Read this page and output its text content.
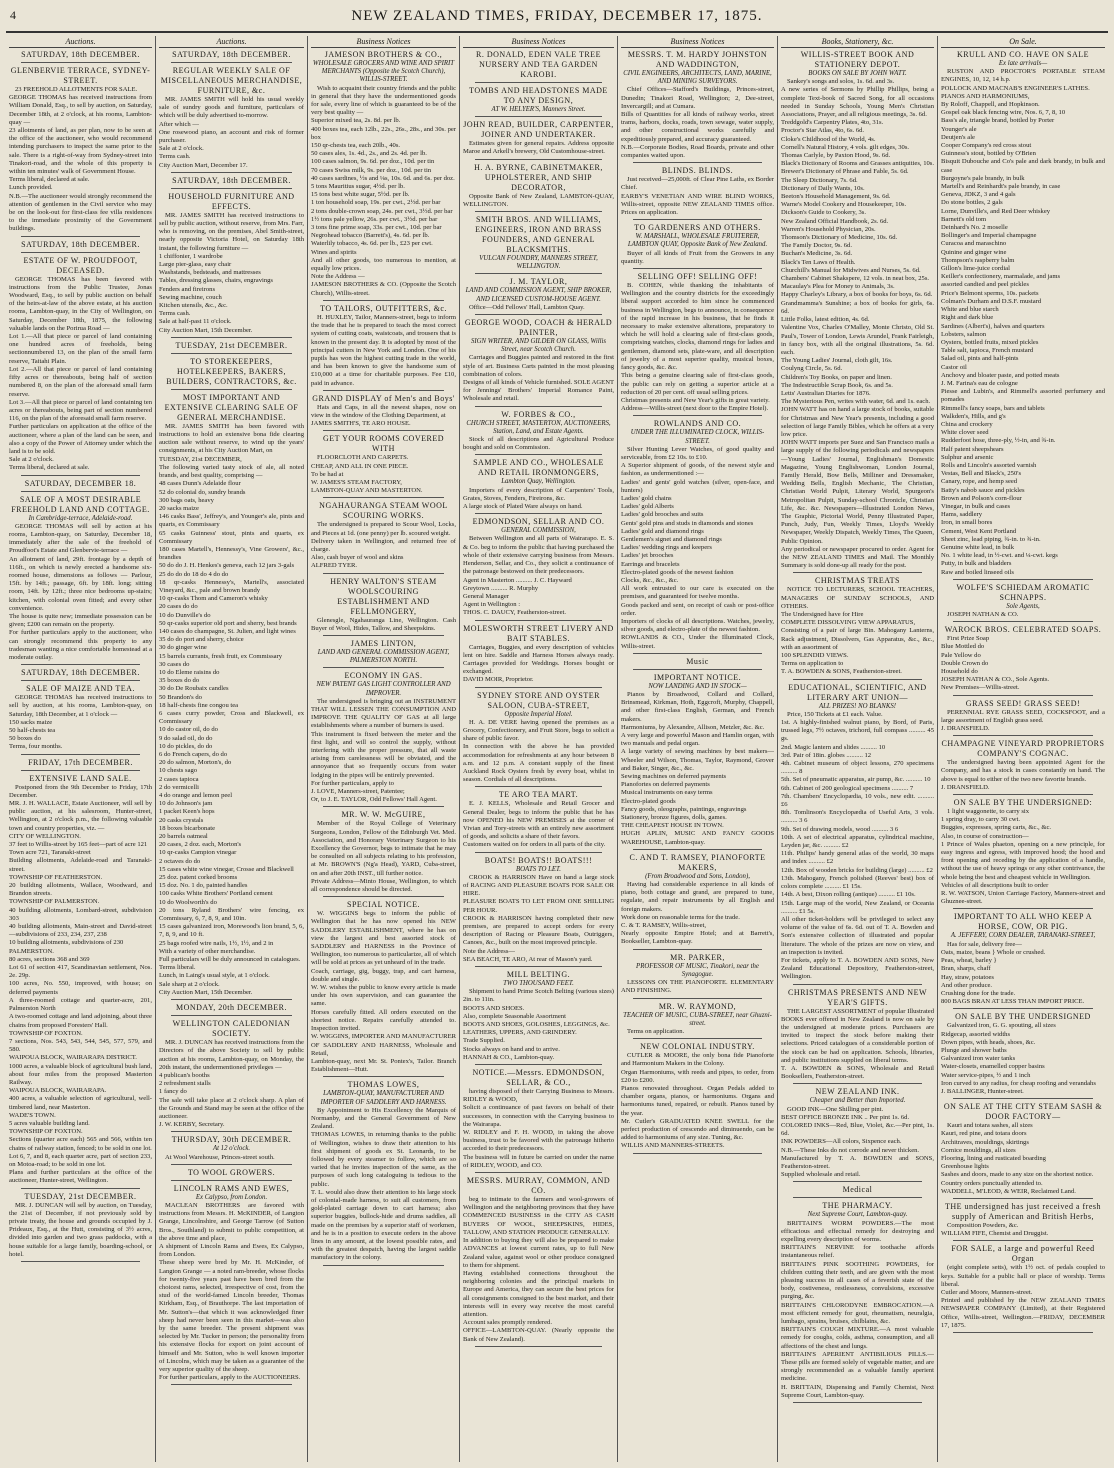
4	NEW ZEALAND TIMES, FRIDAY, DECEMBER 17, 1875.
Auctions.
SATURDAY, 18th DECEMBER.
GLENBERVIE TERRACE, SYDNEY-STREET.
23 FREEHOLD ALLOTMENTS FOR SALE.
GEORGE THOMAS has received instructions from William Donald, Esq., to sell by auction, on Saturday, December 18th, at 2 o'clock, at his rooms, Lambton-quay —
23 allotments of land, as per plan, now to be seen at the office of the auctioneer, who would recommend intending purchasers to inspect the same prior to the sale. There is a right-of-way from Sydney-street into Tinakori-road, and the whole of this property is within ten minutes' walk of Government House.
Terms liberal, declared at sale.
Lunch provided.
N.B.—The auctioneer would strongly recommend the attention of gentlemen in the Civil service who may be on the look-out for first-class fee villa residences to the immediate proximity of the Government buildings.
SATURDAY, 18th DECEMBER.
ESTATE OF W. PROUDFOOT, DECEASED.
GEORGE THOMAS has been favored with instructions from the Public Trustee, Jonas Woodward, Esq., to sell by public auction on behalf of the heirs-at-law of the above estate, at his auction rooms, Lambton-quay, in the City of Wellington, on Saturday, December 18th, 1875, the following valuable lands on the Porirua Road —
Lot 1.—All that piece or parcel of land containing one hundred acres of freeholds, being sectionnumbered 13, on the plan of the small farm reserve, Taitahi Plain.
Lot 2.—All that piece or parcel of land containing fifty acres or thereabouts, being half of section numbered 8, on the plan of the aforesaid small farm reserve.
Lot 3.—All that piece or parcel of land containing ten acres or thereabouts, being part of section numbered 116, on the plan of the aforesaid small farm reserve.
Further particulars on application at the office of the auctioneer, where a plan of the land can be seen, and also a copy of the Power of Attorney under which the land is to be sold.
Sale at 2 o'clock.
Terms liberal, declared at sale.
SATURDAY, DECEMBER 18.
SALE OF A MOST DESIRABLE FREEHOLD LAND AND COTTAGE.
In Cambridge-terrace, Adelaide-road.
GEORGE THOMAS will sell by action at his rooms, Lambton-quay, on Saturday, December 18, immediately after the sale of the freehold of Proudfoot's Estate and Glenbervie-terrace —
An allotment of land, 29ft. frontage by a depth of 116ft., on which is newly erected a handsome six-roomed house, dimensions as follows — Parlour, 15ft. by 14ft.; passage, 6ft. by 18ft. long; sitting room, 14ft. by 12ft.; three nice bedrooms up-stairs; kitchen, with colonial oven fitted; and every other convenience.
The house is quite new; immediate possession can be given; £200 can remain on the property.
For further particulars apply to the auctioneer, who can strongly recommend this property to any tradesman wanting a nice comfortable homestead at a moderate outlay.
SATURDAY, 18th DECEMBER.
SALE OF MAIZE AND TEA.
GEORGE THOMAS has received instructions to sell by auction, at his rooms, Lambton-quay, on Saturday, 18th December, at 1 o'clock —
150 sacks maize
50 half-chests tea
50 boxes do
Terms, four months.
FRIDAY, 17th DECEMBER.
EXTENSIVE LAND SALE.
Postponed from the 9th December to Friday, 17th December.
MR. J. H. WALLACE, Estate Auctioneer, will sell by public auction, at his salesroom, Hunter-street, Wellington, at 2 o'clock p.m., the following valuable town and country properties, viz. —
CITY OF WELLINGTON.
37 feet to Willis-street by 165 feet—part of acre 121
Town acre 721, Taranaki-street
Building allotments, Adelaide-road and Taranaki-street.
TOWNSHIP OF FEATHERSTON.
20 building allotments, Wallace, Woodward, and Brandon streets.
TOWNSHIP OF PALMERSTON.
40 building allotments, Lombard-street, subdivision 303
40 building allotments, Main-street and David-street—subdivisions of 233, 234, 237, 238
10 building allotments, subdivisions of 230
PALMERSTON.
80 acres, sections 368 and 369
Lot 61 of section 417, Scandinavian settlement, Nos. 2e. 29p.
100 acres, No. 550, improved, with house; on deferred payments
A three-roomed cottage and quarter-acre, 201, Palmerston North
A two-roomed cottage and land adjoining, about three chains from proposed Foresters' Hall.
TOWNSHIP OF FOXTON.
7 sections, Nos. 543, 543, 544, 545, 577, 579, and 580.
WAIPOUA BLOCK, WAIRARAPA DISTRICT.
1000 acres, a valuable block of agricultural bush land, about four miles from the proposed Masterton Railway.
WAIPOUA BLOCK, WAIRARAPA.
400 acres, a valuable selection of agricultural, well-timbered land, near Masterton.
WADE'S TOWN.
5 acres valuable building land.
TOWNSHIP OF FOXTON.
Sections (quarter acre each) 565 and 566, within ten chains of railway station, fenced; to be sold in one lot.
Lot 6, 7, and 8, each quarter acre, part of section 233, on Motoa-road; to be sold in one lot.
Plans and further particulars at the office of the auctioneer, Hunter-street, Wellington.
TUESDAY, 21st DECEMBER.
MR. J. DUNCAN will sell by auction, on Tuesday, the 21st of December, if not previously sold by private treaty, the house and grounds occupied by J. Prideaux, Esq., at the Hutt, consisting of 3½ acres, divided into garden and two grass paddocks, with a house suitable for a large family, boarding-school, or hotel.
Auctions.
SATURDAY, 18th DECEMBER.
REGULAR WEEKLY SALE OF MISCELLANEOUS MERCHANDISE, FURNITURE, &c.
MR. JAMES SMITH will hold his usual weekly sale of sundry goods and furniture, particulars of which will be duly advertised to-morrow.
After which —
One rosewood piano, an account and risk of former purchaser.
Sale at 2 o'clock.
Terms cash.
City Auction Mart, December 17.
SATURDAY, 18th DECEMBER.
HOUSEHOLD FURNITURE AND EFFECTS.
MR. JAMES SMITH has received instructions to sell by public auction, without reserve, from Mrs. Farr, who is removing, on the premises, Abel Smith-street, nearly opposite Victoria Hotel, on Saturday 18th instant, the following furniture —
1 chiffonier, 1 wardrobe
Large pier-glass, easy chair
Washstands, bedsteads, and mattresses
Tables, dressing glasses, chairs, engravings
Fenders and fireirons
Sewing machine, couch
Kitchen utensils, &c., &c.
Terms cash.
Sale at half-past 11 o'clock.
City Auction Mart, 15th December.
TUESDAY, 21st DECEMBER.
TO STOREKEEPERS, HOTELKEEPERS, BAKERS, BUILDERS, CONTRACTORS, &c.
MOST IMPORTANT AND EXTENSIVE CLEARING SALE OF GENERAL MERCHANDISE.
MR. JAMES SMITH has been favored with instructions to hold an extensive bona fide clearing auction sale without reserve, to wind up the years' consignments, at his City Auction Mart, on
TUESDAY, 21st DECEMBER,
The following varied tasty stock of ale, all noted brands, and best quality, comprising —
48 cases Dunn's Adelaide flour
52 do colonial do, sundry brands
300 bags oats, heavy
20 sacks maize
146 casks Bass', Jeffrey's, and Younger's ale, pints and quarts, ex Commissary
65 casks Guinness' stout, pints and quarts, ex Commissary
180 cases Martell's, Hennessy's, Vine Growers', &c., brandies
50 do do J. H. Henkes's geneva, each 12 jars 3-gals
25 do do do 18 do 4 do do
18 qr-casks Hennessy's, Martell's, associated Vineyard, &c., pale and brown brandy
10 qr-casks Thom and Cameron's whisky
20 cases do do
10 do Dunville's do
50 qr-casks superior old port and sherry, best brands
140 cases do champagne, St. Julien, and light wines
35 do do port and sherry, choice
30 do ginger wine
15 barrels currants, fresh fruit, ex Commissary
30 cases do
10 do Eleme raisins do
35 boxes do do
30 do De Roubaix candles
50 Brandon's do
18 half-chests fine congou tea
6 cases curry powder, Cross and Blackwell, ex Commissary
10 do castor oil, do do
9 do salad oil, do do
10 do pickles, do do
6 do French capers, do do
20 do salmon, Morton's, do
10 chests sago
2 cases tapioca
2 do vermicelli
4 do orange and lemon peel
10 do Johnson's jam
1 packet Keen's hops
20 casks crystals
18 boxes bicarbonate
20 barrels oatmeal
20 cases, 2 doz. each, Morton's
10 qr-casks Campion vinegar
2 octaves do do
15 cases white wine vinegar, Crosse and Blackwell
25 doz. patent corked brooms
15 doz. No. 1 do, painted handles
100 casks White Brothers' Portland cement
10 do Woolworth's do
20 tons Ryland Brothers' wire fencing, ex Commissary, 6, 7, 8, 9, and 10in.
15 cases galvanized iron, Morewood's lion brand, 5, 6, 7, 8, 9, and 10 ft.
25 bags roofed wire nails, 1½, 1½, and 2 in
With a variety of other merchandise.
Full particulars will be duly announced in catalogues.
Terms liberal.
Lunch, in Laing's usual style, at 1 o'clock.
Sale sharp at 2 o'clock.
City Auction Mart, 15th December.
MONDAY, 20th DECEMBER.
WELLINGTON CALEDONIAN SOCIETY.
MR. J. DUNCAN has received instructions from the Directors of the above Society to sell by public auction at his rooms, Lambton-quay, on Monday, the 20th instant, the undermentioned privileges —
4 publican's booths
2 refreshment stalls
1 fancy do
The sale will take place at 2 o'clock sharp. A plan of the Grounds and Stand may be seen at the office of the auctioneer.
J. W. KERBY, Secretary.
THURSDAY, 30th DECEMBER.
At 12 o'clock.
At Wool Warehouse, Princes-street south.
TO WOOL GROWERS.
LINCOLN RAMS AND EWES,
Ex Calypso, from London.
MACLEAN BROTHERS are favored with instructions from Messrs. H. McKINDER, of Langton Grange, Lincolnshire, and George Tarrow (of Sutton Bros., Southland) to submit to public competition, at the above time and place,
A shipment of Lincoln Rams and Ewes, Ex Calypso, from London.
These sheep were bred by Mr. H. McKinder, of Langton Grange — a noted ram-breeder, whose flocks for twenty-five years past have been bred from the choicest rams, selected, irrespective of cost, from the stud of the world-famed Lincoln breeder, Thomas Kirkham, Esq., of Brauthorpe. The last importation of Mr. Sutton's—that which it was acknowledged finer sheep had never been seen in this market—was also by the same breeder. The present shipment was selected by Mr. Tucker in person; the personality from his extensive flocks for export on joint account of himself and Mr. Sutton, who is well known importer of Lincolns, which may be taken as a guarantee of the very superior quality of the sheep.
For further particulars, apply to the AUCTIONEERS.
Business Notices
JAMESON BROTHERS & CO.,
WHOLESALE GROCERS AND WINE AND SPIRIT MERCHANTS (Opposite the Scotch Church), WILLIS-STREET.
Wish to acquaint their country friends and the public in general that they have the undermentioned goods for sale, every line of which is guaranteed to be of the very best quality —
Superior mixed tea, 2s. 8d. per lb.
400 boxes tea, each 12lb., 22s., 26s., 28s., and 30s. per box
150 qr-chests tea, each 20lb., 40s.
50 cases ales, 1s. 4d., 2s., and 2s. 4d. per lb.
100 cases salmon, 9s. 6d. per doz., 10d. per tin
70 cases Swiss milk, 9s. per doz., 10d. per tin
40 cases sardines, ½s and ⅛s, 10s. 6d. and 6s. per doz.
5 tons Mauritius sugar, 4½d. per lb.
15 tons best white sugar, 5½d. per lb.
1 ton household soap, 19s. per cwt., 2½d. per bar
2 tons double-crown soap, 24s. per cwt., 3½d. per bar
1½ tons pale yellow, 26s. per cwt., 3½d. per bar
3 tons fine prime soap, 33s. per cwt., 10d. per bar
Negrohead tobacco (Barrett's), 4s. 6d. per lb.
Waterlily tobacco, 4s. 6d. per lb., £23 per cwt.
Wines and spirits
And all other goods, too numerous to mention, at equally low prices.
Note the Address —
JAMESON BROTHERS & CO. (Opposite the Scotch Church), Willis-street.
TO TAILORS, OUTFITTERS, &c.
H. HUXLEY, Tailor, Manners-street, begs to inform the trade that he is prepared to teach the most correct system of cutting coats, waistcoats, and trousers that is known in the present day. It is adopted by most of the principal cutters in New York and London. One of his pupils has won the highest cutting trade in the world, and has been known to give the handsome sum of £10,000 at a time for charitable purposes. Fee £10, paid in advance.
GRAND DISPLAY of Men's and Boys'
Hats and Caps, in all the newest shapes, now on view in the window of the Clothing Department, at
JAMES SMITH'S, TE ARO HOUSE.
GET YOUR ROOMS COVERED WITH
FLOORCLOTH AND CARPETS.
CHEAP, AND ALL IN ONE PIECE.
To be had at
W. JAMES'S STEAM FACTORY,
LAMBTON-QUAY AND MASTERTON.
NGAHAURANGA STEAM WOOL SCOURING WORKS.
The undersigned is prepared to Scour Wool, Locks, and Pieces at 1d. (one penny) per lb. scoured weight.
Delivery taken in Wellington, and returned free of charge.
Also, cash buyer of wool and skins
ALFRED TYER.
HENRY WALTON'S STEAM WOOLSCOURING ESTABLISHMENT AND FELLMONGERY,
Glenesgle, Ngahauranga Line, Wellington. Cash Buyer of Wool, Hides, Tallow, and Sheepskins.
JAMES LINTON,
LAND AND GENERAL COMMISSION AGENT, PALMERSTON NORTH.
ECONOMY IN GAS.
NEW PATENT GAS LIGHT CONTROLLER AND IMPROVER.
The undersigned is bringing out an INSTRUMENT THAT WILL LESSEN THE CONSUMPTION AND IMPROVE THE QUALITY OF GAS at all large establishments where a number of burners is used.
This instrument is fixed between the meter and the first light, and will so control the supply, without interfering with the proper pressure, that all waste arising from carelessness will be obviated, and the annoyance that so frequently occurs from water lodging in the pipes will be entirely prevented.
For further particulars, apply to
J. LOVE, Manners-street, Patentee;
Or, to J. E. TAYLOR, Odd Fellows' Hall Agent.
MR. W. W. McGUIRE,
Member of the Royal College of Veterinary Surgeons, London, Fellow of the Edinburgh Vet. Med. Association, and Honorary Veterinary Surgeon to his Excellency the Governor, begs to intimate that he may be consulted on all subjects relating to his profession, at Mr. BROWN'S (Ng'a Head), YARD, Cuba-street, on and after 20th INST., till further notice.
Private Address—Minto House, Wellington, to which all correspondence should be directed.
SPECIAL NOTICE.
W. WIGGINS begs to inform the public of Wellington that he has now opened his NEW SADDLERY ESTABLISHMENT, where he has on view the largest and best assorted stock of SADDLERY and HARNESS in the Province of Wellington, too numerous to particularize, all of which will be sold at prices as yet unheard of in the trade.
Coach, carriage, gig, buggy, trap, and cart harness, double and single.
W. W. wishes the public to know every article is made under his own supervision, and can guarantee the same.
Horses carefully fitted. All orders executed on the shortest notice. Repairs carefully attended to. Inspection invited.
W. WIGGINS, IMPORTER AND MANUFACTURER OF SADDLERY AND HARNESS, Wholesale and Retail,
Lambton-quay, next Mr. St. Pontex's, Tailor. Branch Establishment—Hutt.
THOMAS LOWES,
LAMBTON-QUAY, MANUFACTURER AND IMPORTER OF SADDLERY AND HARNESS.
By Appointment to His Excellency the Marquis of Normanby, and the General Government of New Zealand.
THOMAS LOWES, in returning thanks to the public of Wellington, wishes to draw their attention to his first shipment of goods ex St. Leonards, to be followed by every steamer to follow, which are so varied that he invites inspection of the same, as the purposes of such long cataloguing is tedious to the public.
T. L. would also draw their attention to his large stock of colonial-made harness, to suit all customers, from gold-plated carriage down to cart harness; also superior buggies, bullock-hide and drums saddles, all made on the premises by a superior staff of workmen, and he is in a position to execute orders in the above lines in any amount, at the lowest possible rates, and with the greatest despatch, having the largest saddle manufactory in the colony.
Business Notices
R. DONALD, EDEN VALE TREE NURSERY AND TEA GARDEN KAROBI.
TOMBS AND HEADSTONES MADE TO ANY DESIGN,
AT W. HELYER'S, Manners Street.
JOHN READ, BUILDER, CARPENTER, JOINER AND UNDERTAKER.
Estimates given for general repairs. Address opposite Maroe and Arkell's brewery, Old Customhouse-street.
H. A. BYRNE, CABINETMAKER, UPHOLSTERER, AND SHIP DECORATOR,
Opposite Bank of New Zealand, LAMBTON-QUAY, WELLINGTON.
SMITH BROS. AND WILLIAMS, ENGINEERS, IRON AND BRASS FOUNDERS, AND GENERAL BLACKSMITHS.
VULCAN FOUNDRY, MANNERS STREET, WELLINGTON.
J. M. TAYLOR,
LAND AND COMMISSION AGENT, SHIP BROKER, AND LICENSED CUSTOM-HOUSE AGENT.
Office—Odd Fellows' Hall, Lambton Quay.
GEORGE WOOD, COACH & HERALD PAINTER,
SIGN WRITER, AND GILDER ON GLASS, Willis Street, near Scotch Church.
Carriages and Buggies painted and restored in the first style of art. Business Carts painted in the most pleasing combination of colors.
Designs of all kinds of Vehicle furnished. SOLE AGENT for Jennings' Brothers' Imperial Romance Paint, Wholesale and retail.
W. FORBES & CO.,
CHURCH STREET, MASTERTON, AUCTIONEERS, Station, Land, and Estate Agents.
Stock of all descriptions and Agricultural Produce bought and sold on Commission.
SAMPLE AND CO., WHOLESALE AND RETAIL IRONMONGERS,
Lambton Quay, Wellington.
Importers of every description of Carpenters' Tools, Grates, Stoves, Fenders, Fireirons, &c.
A large stock of Plated Ware always on hand.
EDMONDSON, SELLAR AND CO.
GENERAL COMMISSION,
Between Wellington and all parts of Wairarapo. E. S. & Co. beg to inform the public that having purchased the whole of their extensive carrying business from Messrs. Henderson, Sellar, and Co., they solicit a continuance of the patronage bestowed on their predecessors.
Agent in Masterton .......... J. C. Hayward
Greytown .......... R. Murphy
General Manager
Agent in Wellington :
THOS. C. DAUCY, Featherston-street.
MOLESWORTH STREET LIVERY AND BAIT STABLES.
Carriages, Buggies, and every description of vehicles lent on hire. Saddle and Harness Horses always ready. Carriages provided for Weddings. Horses bought or exchanged.
DAVID MOIR, Proprietor.
SYDNEY STORE AND OYSTER SALOON, CUBA-STREET,
Opposite Imperial Hotel.
H. A. DE VERE having opened the premises as a Grocery, Confectionery, and Fruit Store, begs to solicit a share of public favor.
In connection with the above he has provided accommodation for refreshments at any hour between 8 a.m. and 12 p.m. A constant supply of the finest Auckland Rock Oysters fresh by every boat, whilst in season. Cordials of all descriptions.
TE ARO TEA MART.
E. J. KELLS, Wholesale and Retail Grocer and General Dealer, begs to inform the public that he has now OPENED his NEW PREMISES at the corner of Vivian and Tory-streets with an entirely new assortment of goods, and solicits a share of their favors.
Customers waited on for orders in all parts of the city.
BOATS! BOATS!! BOATS!!!
BOATS TO LET.
CROOK & HARRISON Have on hand a large stock of RACING AND PLEASURE BOATS FOR SALE OR HIRE.
PLEASURE BOATS TO LET FROM ONE SHILLING PER HOUR.
CROOK & HARRISON having completed their new premises, are prepared to accept orders for every description of Racing or Pleasure Boats, Outriggers, Canoes, &c., built on the most improved principle.
Note the Address—
SEA BEACH, TE ARO, At rear of Mason's yard.
MILL BELTING.
TWO THOUSAND FEET.
Shipment to hand Prime Scotch Belting (various sizes) 2in. to 11in.
BOOTS AND SHOES.
Also, complete Seasonable Assortment
BOOTS AND SHOES, GOLOSHES, LEGGINGS, &c.
LEATHERS, UPPERS, AND GRINDERY.
Trade Supplied.
Stocks always on hand and to arrive.
HANNAH & CO., Lambton-quay.
NOTICE.—Messrs. EDMONDSON, SELLAR, & CO.,
having disposed of their Carrying Business to Messrs. RIDLEY & WOOD,
Solicit a continuance of past favors on behalf of their successors, in connection with the Carrying business to the Wairarapa.
W. RIDLEY and F. H. WOOD, in taking the above business, trust to be favored with the patronage hitherto accorded to their predecessors.
The business will in future be carried on under the name of RIDLEY, WOOD, and CO.
MESSRS. MURRAY, COMMON, AND CO.
beg to intimate to the farmers and wool-growers of Wellington and the neighboring provinces that they have COMMENCED BUSINESS in the CITY AS CASH BUYERS OF WOOL, SHEEPSKINS, HIDES, TALLOW, AND STATION PRODUCE GENERALLY.
In addition to buying they will also be prepared to make ADVANCES at lowest current rates, up to full New Zealand value, against wool or other produce consigned to them for shipment.
Having established connections throughout the neighboring colonies and the principal markets in Europe and America, they can secure the best prices for all consignments consigned to the best market, and their interests will in every way receive the most careful attention.
Account sales promptly rendered.
OFFICE—LAMBTON-QUAY. (Nearly opposite the Bank of New Zealand).
Business Notices
MESSRS. T. M. HARDY JOHNSTON AND WADDINGTON,
CIVIL ENGINEERS, ARCHITECTS, LAND, MARINE, AND MINING SURVEYORS.
Chief Offices—Stafford's Buildings, Princes-street, Dunedin; Tinakori Road, Wellington; 2, Dee-street, Invercargill; and at Cumara.
Bills of Quantities for all kinds of railway works, street trams, harbors, docks, roads, town sewage, water supply, and other constructional works carefully and expeditiously prepared, and accuracy guaranteed.
N.B.—Corporate Bodies, Road Boards, private and other companies waited upon.
BLINDS. BLINDS.
Just received—25,000ft. of Clear Pine Laths, ex Border Chief.
EARBY'S VENETIAN AND WIRE BLIND WORKS, Willis-street, opposite NEW ZEALAND TIMES office. Prices on application.
TO GARDENERS AND OTHERS.
W. MARSHALL, WHOLESALE FRUITERER, LAMBTON QUAY, Opposite Bank of New Zealand.
Buyer of all kinds of Fruit from the Growers in any quantity.
SELLING OFF! SELLING OFF!
B. COHEN, while thanking the inhabitants of Wellington and the country districts for the exceedingly liberal support accorded to him since he commenced business in Wellington, begs to announce, in consequence of the rapid increase in his business, that he finds it necessary to make extensive alterations, preparatory to which he will hold a clearing sale of first-class goods, comprising watches, clocks, diamond rings for ladies and gentlemen, diamond sets, plate-ware, and all description of jewelry of a most superior quality, musical boxes, fancy goods, &c. &c.
This being a genuine clearing sale of first-class goods, the public can rely on getting a superior article at a reduction of 20 per cent. off usual selling prices.
Christmas presents and New Year's gifts in great variety.
Address—Willis-street (next door to the Empire Hotel).
ROWLANDS AND CO.
UNDER THE ILLUMINATED CLOCK, WILLIS-STREET.
Silver Hunting Lever Watches, of good quality and serviceable, from £2 10s. to £10.
A Superior shipment of goods, of the newest style and fashion, as undermentioned :—
Ladies' and gents' gold watches (silver, open-face, and hunters)
Ladies' gold chains
Ladies' gold Alberts
Ladies' gold brooches and suits
Gents' gold pins and studs in diamonds and stones
Ladies' gold and diamond rings
Gentlemen's signet and diamond rings
Ladies' wedding rings and keepers
Ladies' jet brooches
Earrings and bracelets
Electro-plated goods of the newest fashion
Clocks, &c., &c., &c.
All work entrusted to our care is executed on the premises, and guaranteed for twelve months.
Goods packed and sent, on receipt of cash or post-office order.
Importers of clocks of all descriptions. Watches, jewelry, silver goods, and electro-plate of the newest fashion.
ROWLANDS & CO., Under the Illuminated Clock, Willis-street.
Music
IMPORTANT NOTICE.
NOW LANDING AND IN STOCK—
Pianos by Broadwood, Collard and Collard, Brinsmead, Kirkman, Hoth, Eggcroft, Murphy, Chappell, and other first-class English, German, and French makers.
Harmoniums, by Alexandre, Allison, Metzler, &c. &c.
A very large and powerful Mason and Hamlin organ, with two manuals and pedal organ.
A large variety of sewing machines by best makers—Wheeler and Wilson, Thomas, Taylor, Raymond, Grover and Baker, Singer, &c., &c.
Sewing machines on deferred payments
Pianofortes on deferred payments
Musical instruments on easy terms
Electro-plated goods
Fancy goods, oleographs, paintings, engravings
Stationery, bronze figures, dolls, games.
THE CHEAPEST HOUSE IN TOWN.
HUGH APLIN, MUSIC AND FANCY GOODS WAREHOUSE, Lambton-quay.
C. AND T. RAMSEY, PIANOFORTE MAKERS,
(From Broadwood and Sons, London),
Having had considerable experience in all kinds of piano, both cottage and grand, are prepared to tune, regulate, and repair instruments by all English and foreign makers.
Work done on reasonable terms for the trade.
C. & T. RAMSEY, Willis-street,
Nearly opposite Empire Hotel; and at Barrett's, Bookseller, Lambton-quay.
MR. PARKER,
PROFESSOR OF MUSIC, Tinakori, near the Synagogue.
LESSONS ON THE PIANOFORTE. ELEMENTARY AND FINISHING.
MR. W. RAYMOND,
TEACHER OF MUSIC, CUBA-STREET, near Ghuzni-street.
Terms on application.
NEW COLONIAL INDUSTRY.
CUTLER & MOORE, the only bona fide Pianoforte and Harmonium Makers in the Colony.
Organ Harmoniums, with reeds and pipes, to order, from £20 to £200.
Pianos renovated throughout. Organ Pedals added to chamber organs, pianos, or harmoniums. Organs and harmoniums tuned, repaired, or rebuilt. Pianos tuned by the year.
Mr. Cutler's GRADUATED KNEE SWELL for the perfect production of crescendo and diminuendo, can be added to harmoniums of any size. Tuning, &c.
WILLIS AND MANNERS-STREETS.
Books, Stationery, &c.
WILLIS-STREET BOOK AND STATIONERY DEPOT.
BOOKS ON SALE BY JOHN WATT.
Sankey's songs and solos, 1s. 6d. and 3s.
A new series of Sermons by Phillip Phillips, being a complete Text-book of Sacred Song, for all occasions needed in Sunday Schools, Young Men's Christian Associations, Prayer, and all religious meetings, 3s. 6d.
Treddgold's Carpentry Plates, 4to, 31s.
Proctor's Star Atlas, 4to, 6s. 6d.
Cloke's Childhood of the World, 4s.
Cornell's Natural History, 4 vols. gilt edges, 30s.
Thomas Carlyle, by Paxton Hood, 9s. 6d.
Black's Dictionary of Rooms and Grasses antiquities, 10s.
Brewer's Dictionary of Phrase and Fable, 5s. 6d.
The Sleep Dictionary, 7s. 6d.
Dictionary of Daily Wants, 10s.
Beeton's Household Management, 9s. 6d.
Warne's Model Cookery and Housekeeper, 10s.
Dickson's Guide to Cookery, 3s.
New Zealand Official Handbook, 2s. 6d.
Warren's Household Physician, 20s.
Thomson's Dictionary of Medicine, 10s. 6d.
The Family Doctor, 9s. 6d.
Buchan's Medicine, 3s. 6d.
Black's Ten Laws of Health.
Churchill's Manual for Midwives and Nurses, 5s. 6d.
Chambers' Cabinet Shakspere, 12 vols. in neat box, 25s.
Macaulay's Plea for Money to Animals, 3s.
Happy Charley's Library, a box of books for boys, 6s. 6d.
Grandmamma's Sunshine; a box of books for girls, 6s. 6d.
Little Folks, latest edition, 4s. 6d.
Valentine Vox, Charles O'Malley, Monte Christo, Old St. Paul's, Tower of London, Lewis Arundel, Frank Fairleigh, in fancy box, with all the original illustrations, 5s. 6d. each.
The Young Ladies' Journal, cloth gilt, 16s.
Coulyng Circle, 5s. 6d.
Children's Toy Books, on paper and linen.
The Indestructible Scrap Book, 6s. and 5s.
Letts' Australian Diaries for 1876.
The Mysterious Pen, writes with water, 6d. and 1s. each.
JOHN WATT has on hand a large stock of books, suitable for Christmas and New Year's presents, including a good selection of large Family Bibles, which he offers at a very low price.
JOHN WATT imports per Suez and San Francisco mails a large supply of the following periodicals and newspapers—Young Ladies' Journal, Englishman's Domestic Magazine, Young Englishwoman, London Journal, Family Herald, Bow Bells, Milliner and Dressmaker, Wedding Bells, English Mechanic, The Christian, Christian World Pulpit, Literary World, Spurgeon's Metropolitan Pulpit, Sunday-school Chronicle, Christian Life, &c. &c. Newspapers—Illustrated London News, The Graphic, Pictorial World, Penny Illustrated Paper, Punch, Judy, Fun, Weekly Times, Lloyd's Weekly Newspaper, Weekly Dispatch, Weekly Times, The Queen, Public Opinion.
Any periodical or newspaper procured to order. Agent for the NEW ZEALAND TIMES and Mail. The Monthly Summary is sold done-up all ready for the post.
CHRISTMAS TREATS
NOTICE TO LECTURERS, SCHOOL TEACHERS, MANAGERS OF SUNDAY SCHOOLS, AND OTHERS.
The Undersigned have for Hire
COMPLETE DISSOLVING VIEW APPARATUS,
Consisting of a pair of large Bin. Mahogany Lanterns, Rack adjustment, Dissolvers, Gas Apparatus, &c., &c., with an assortment of
100 SPLENDID VIEWS.
Terms on application to
T. A. BOWDEN & SONS, Featherston-street.
EDUCATIONAL, SCIENTIFIC, AND LITERARY ART UNION—
ALL PRIZES! NO BLANKS!
Price, 150 Tickets at £1 each. Value.
1st. A highly-finished walnut piano, by Bord, of Paris, trussed legs, 7½ octaves, trichord, full compass .......... 45 gs.
2nd. Magic lantern and slides .......... 10
3rd. Pair of 18in. globes .......... 12
4th. Cabinet museum of object lessons, 270 specimens .......... 8
5th. Set of pneumatic apparatus, air pump, &c. .......... 10
6th. Cabinet of 200 geological specimens .......... 7
7th. Chambers' Encyclopædia, 10 vols., new edit. .......... £6
8th. Tomlinson's Encyclopædia of Useful Arts, 3 vols. .......... 3 6
9th. Set of drawing models, wood .......... 3 6
10th. A set of electrical apparatus, cylindrical machine, Leyden jar, &c. .......... £2
11th. Philips' handy general atlas of the world, 30 maps and index .......... £2
12th. Box of wooden bricks for building (large) .......... £2
13th. Mahogany, French polished (Reeves' best) box of colors complete .......... £1 15s.
14th. A best, Dixon rolling (antique) .......... £1 10s.
15th. Large map of the world, New Zealand, or Oceania .......... £1 5s.
All other ticket-holders will be privileged to select any volume of the value of 6s. 6d. out of T. A. Bowden and Son's extensive collection of illustrated and popular literature. The whole of the prizes are now on view, and an inspection is invited.
For tickets, apply to T. A. BOWDEN AND SONS, New Zealand Educational Depository, Featherston-street, Wellington.
CHRISTMAS PRESENTS AND NEW YEAR'S GIFTS.
THE LARGEST ASSORTMENT of popular Illustrated BOOKS ever offered in New Zealand is now on sale by the undersigned at moderate prices. Purchasers are invited to inspect the stock before making their selections. Priced catalogues of a considerable portion of the stock can be had on application. Schools, libraries, and public institutions supplied on liberal terms.
T. A. BOWDEN & SONS, Wholesale and Retail Booksellers, Featherston-street.
NEW ZEALAND INK.
Cheaper and Better than Imported.
GOOD INK—One Shilling per pint.
BEST OFFICE BRONZE INK .. Per pint 1s. 6d.
COLORED INKS—Red, Blue, Violet, &c.—Per pint, 1s. 6d.
INK POWDERS—All colors, Sixpence each.
N.B.—These Inks do not corrode and never thicken.
Manufactured by T. A. BOWDEN and SONS, Featherston-street.
Supplied wholesale and retail.
Medical
THE PHARMACY.
Next Supreme Court, Lambton-quay.
BRITTAIN'S WORM POWDERS.—The most efficacious and effectual remedy for destroying and expelling every description of worms.
BRITTAIN'S NERVINE for toothache affords instantaneous relief.
BRITTAIN'S PINK SOOTHING POWDERS, for children cutting their teeth, and are given with the most pleasing success in all cases of a feverish state of the body, costiveness, restlessness, convulsions, excessive purging, &c.
BRITTAIN'S CHLORODYNE EMBROCATION.—A most efficient remedy for gout, rheumatism, neuralgia, lumbago, sprains, bruises, chilblains, &c.
BRITTAIN'S COUGH MIXTURE.—A most valuable remedy for coughs, colds, asthma, consumption, and all affections of the chest and lungs.
BRITTAIN'S APERIENT ANTIBILIOUS PILLS.—These pills are formed solely of vegetable matter, and are strongly recommended as a valuable family aperient medicine.
H. BRITTAIN, Dispensing and Family Chemist, Next Supreme Court, Lambton-quay.
On Sale.
KRULL AND CO. HAVE ON SALE
Ex late arrivals—
RUSTON AND PROCTOR'S PORTABLE STEAM ENGINES, 10, 12, 14 h.p.
POLLOCK AND MACNAB'S ENGINEER'S LATHES.
PIANOS AND HARMONIUMS,
By Roloff, Chappell, and Hopkinson.
Gospel oak black fencing wire, Nos. 6, 7, 8, 10
Bass's ale, triangle brand, bottled by Porter
Younger's ale
Deutjen's ale
Cooper Company's red cross stout
Guinness's stout, bottled by O'Brien
Bisquit Dubouche and Co's pale and dark brandy, in bulk and case
Burgoyne's pale brandy, in bulk
Martell's and Reinhardt's pale brandy, in case
Geneva, JDKZ, 3 and 4 gals
Do stone bottles, 2 gals
Lorne, Dunville's, and Red Deer whiskey
Barnett's old tom
Deinhard's No. 2 moselle
Bollinger's and Imperial champagne
Curacoa and maraschino
Quinine and ginger wine
Thompson's raspberry balm
Gillon's lime-juice cordial
Keiller's confectionery, marmalade, and jams
assorted candied and peel pickles
Price's Belmont sperms, 10s. packets
Colman's Durham and D.S.F. mustard
White and blue starch
Right and dark blue
Sardines (Albert's), halves and quarters
Lobsters, salmon
Oysters, bottled fruits, mixed pickles
Table salt, tapioca, French mustard
Salad oil, pints and half-pints
Castor oil
Anchovy and bloater paste, and potted meats
J. M. Farina's eau de cologne
Piesse and Lubin's, and Rimmell's assorted perfumery and pomades
Rimmell's fancy soaps, bars and tablets
Walkden's, Hills, and g's
China and crockery
White clover seed
Rudderfoot hose, three-ply, ½-in, and ¾-in.
Half patent sheepshears
Sulphur and arsenic
Rolls and Lincoln's assorted varnish
Vestas, Bell and Black's, 250's
Canary, rope, and hemp seed
Batty's nabob sauce and pickles
Brown and Polson's corn-flour
Vinegar, in bulk and cases
Hams, saddlery
Iron, in small bores
Cement, West Kent Portland
Sheet zinc, lead piping, ¾-in. to ¾-in.
Genuine white lead, in bulk
No. 1 white lead, in ½-cwt. and ¼-cwt. kegs
Putty, in bulk and bladders
Raw and boiled linseed oils
WOLFE'S SCHIEDAM AROMATIC SCHNAPPS.
Sole Agents,
JOSEPH NATHAN & CO.
WAROCK BROS. CELEBRATED SOAPS.
First Prize Soap
Blue Mottled do
Pale Yellow do
Double Crown do
Household do
JOSEPH NATHAN & CO., Sole Agents.
New Premises—Willis-street.
GRASS SEED! GRASS SEED!
PERENNIAL RYE GRASS SEED, COCKSFOOT, and a large assortment of English grass seed.
J. DRANSFIELD.
CHAMPAGNE VINEYARD PROPRIETORS COMPANY'S COGNAC.
The undersigned having been appointed Agent for the Company, and has a stock in cases constantly on hand. The above is equal to either of the two new favorite brands.
J. DRANSFIELD.
ON SALE BY THE UNDERSIGNED:
1 light waggonette, to carry six
1 spring dray, to carry 30 cwt.
Buggies, expresses, spring carts, &c., &c.
Also, in course of construction—
1 Prince of Wales phaeton, opening on a new principle, for easy ingress and egress, with improved hood; the hood and front opening and receding by the application of a handle, without the use of heavy springs or any other contrivance, the whole being the best and cheapest vehicle in Wellington.
Vehicles of all descriptions built to order
R. W. WATSON, Union Carriage Factory, Manners-street and Ghuznee-street.
IMPORTANT TO ALL WHO KEEP A HORSE, COW, OR PIG.
A. JEFFERY, CORN DEALER, TARANAKI-STREET,
Has for sale, delivery free—
Oats, maize, beans } Whole or crushed.
Peas, wheat, barley }
Bran, sharps, chaff
Hay, straw, potatoes
And other produce.
Crushing done for the trade.
800 BAGS BRAN AT LESS THAN IMPORT PRICE.
ON SALE BY THE UNDERSIGNED
Galvanized iron, G. G. spouting, all sizes
Ridgecap, assorted widths
Down pipes, with heads, shoes, &c.
Plunge and shower baths
Galvanized iron water tanks
Water-closets, enamelled copper basins
Water service-pipes, ½ and 1 inch
Iron curved to any radius, for cheap roofing and verandahs
J. BALLINGER, Hunter-street.
ON SALE AT THE CITY STEAM SASH & DOOR FACTORY—
Kauri and totara sashes, all sizes
Kauri, red pine, and totara doors
Architraves, mouldings, skirtings
Cornice mouldings, all sizes
Flooring, lining and rusticated boarding
Greenhouse lights
Sashes and doors, made to any size on the shortest notice.
Country orders punctually attended to.
WADDELL, M'LEOD, & WEIR, Reclaimed Land.
THE undersigned has just received a fresh supply of American and British Herbs,
Composition Powders, &c.
WILLIAM FIFE, Chemist and Druggist.
FOR SALE, a large and powerful Reed Organ
(eight complete setts), with 1½ oct. of pedals coupled to keys. Suitable for a public hall or place of worship. Terms liberal.
Cutler and Moore, Manners-street.
Printed and published by the NEW ZEALAND TIMES NEWSPAPER COMPANY (Limited), at their Registered Office, Willis-street, Wellington.—FRIDAY, DECEMBER 17, 1875.
